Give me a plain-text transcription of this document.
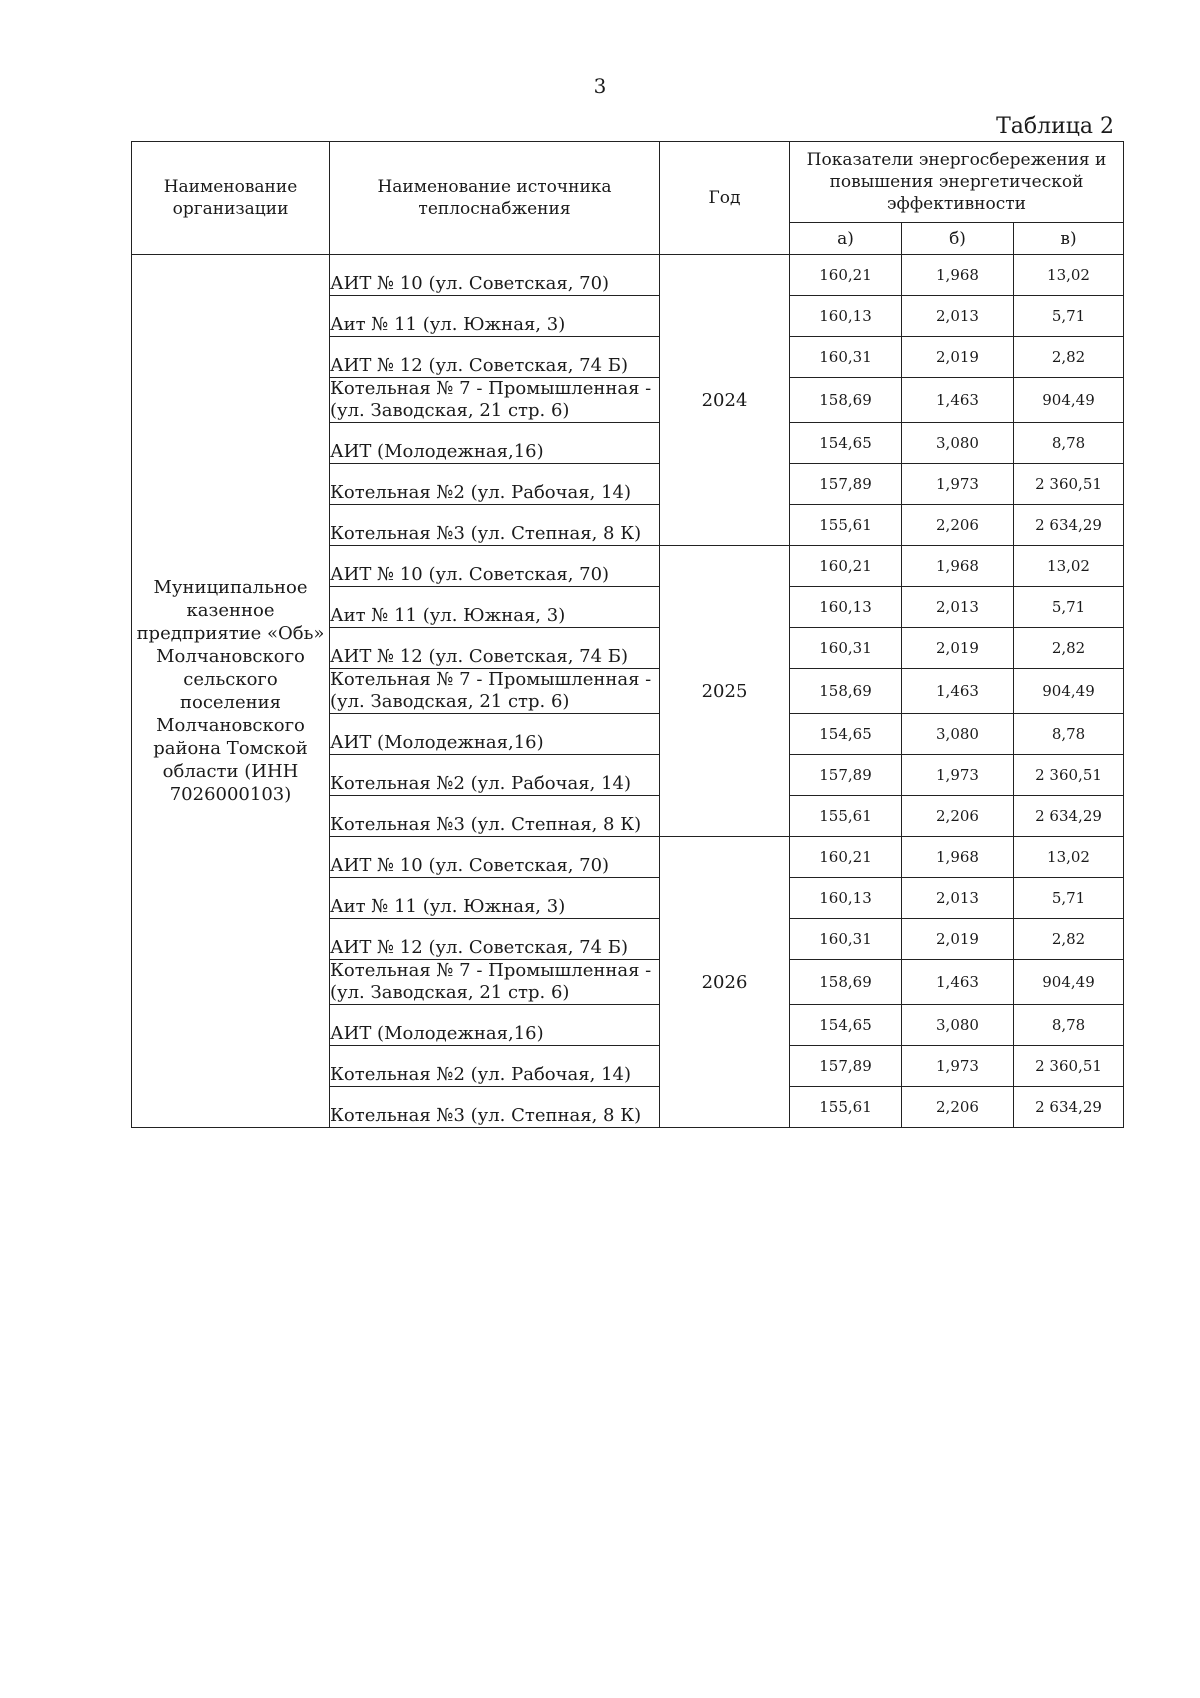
3
Таблица 2
Наименование организации	Наименование источника теплоснабжения	Год	Показатели энергосбережения и повышения энергетической эффективности		
			а)	б)	в)
Муниципальное казенное предприятие «Обь» Молчановского сельского поселения Молчановского района Томской области (ИНН 7026000103)	АИТ № 10 (ул. Советская, 70)	2024	160,21	1,968	13,02
	Аит № 11 (ул. Южная, 3)		160,13	2,013	5,71
	АИТ № 12 (ул. Советская, 74 Б)		160,31	2,019	2,82
	Котельная № 7 - Промышленная - (ул. Заводская, 21 стр. 6)		158,69	1,463	904,49
	АИТ (Молодежная,16)		154,65	3,080	8,78
	Котельная №2 (ул. Рабочая, 14)		157,89	1,973	2 360,51
	Котельная №3 (ул. Степная, 8 К)		155,61	2,206	2 634,29
	АИТ № 10 (ул. Советская, 70)	2025	160,21	1,968	13,02
	Аит № 11 (ул. Южная, 3)		160,13	2,013	5,71
	АИТ № 12 (ул. Советская, 74 Б)		160,31	2,019	2,82
	Котельная № 7 - Промышленная - (ул. Заводская, 21 стр. 6)		158,69	1,463	904,49
	АИТ (Молодежная,16)		154,65	3,080	8,78
	Котельная №2 (ул. Рабочая, 14)		157,89	1,973	2 360,51
	Котельная №3 (ул. Степная, 8 К)		155,61	2,206	2 634,29
	АИТ № 10 (ул. Советская, 70)	2026	160,21	1,968	13,02
	Аит № 11 (ул. Южная, 3)		160,13	2,013	5,71
	АИТ № 12 (ул. Советская, 74 Б)		160,31	2,019	2,82
	Котельная № 7 - Промышленная - (ул. Заводская, 21 стр. 6)		158,69	1,463	904,49
	АИТ (Молодежная,16)		154,65	3,080	8,78
	Котельная №2 (ул. Рабочая, 14)		157,89	1,973	2 360,51
	Котельная №3 (ул. Степная, 8 К)		155,61	2,206	2 634,29
